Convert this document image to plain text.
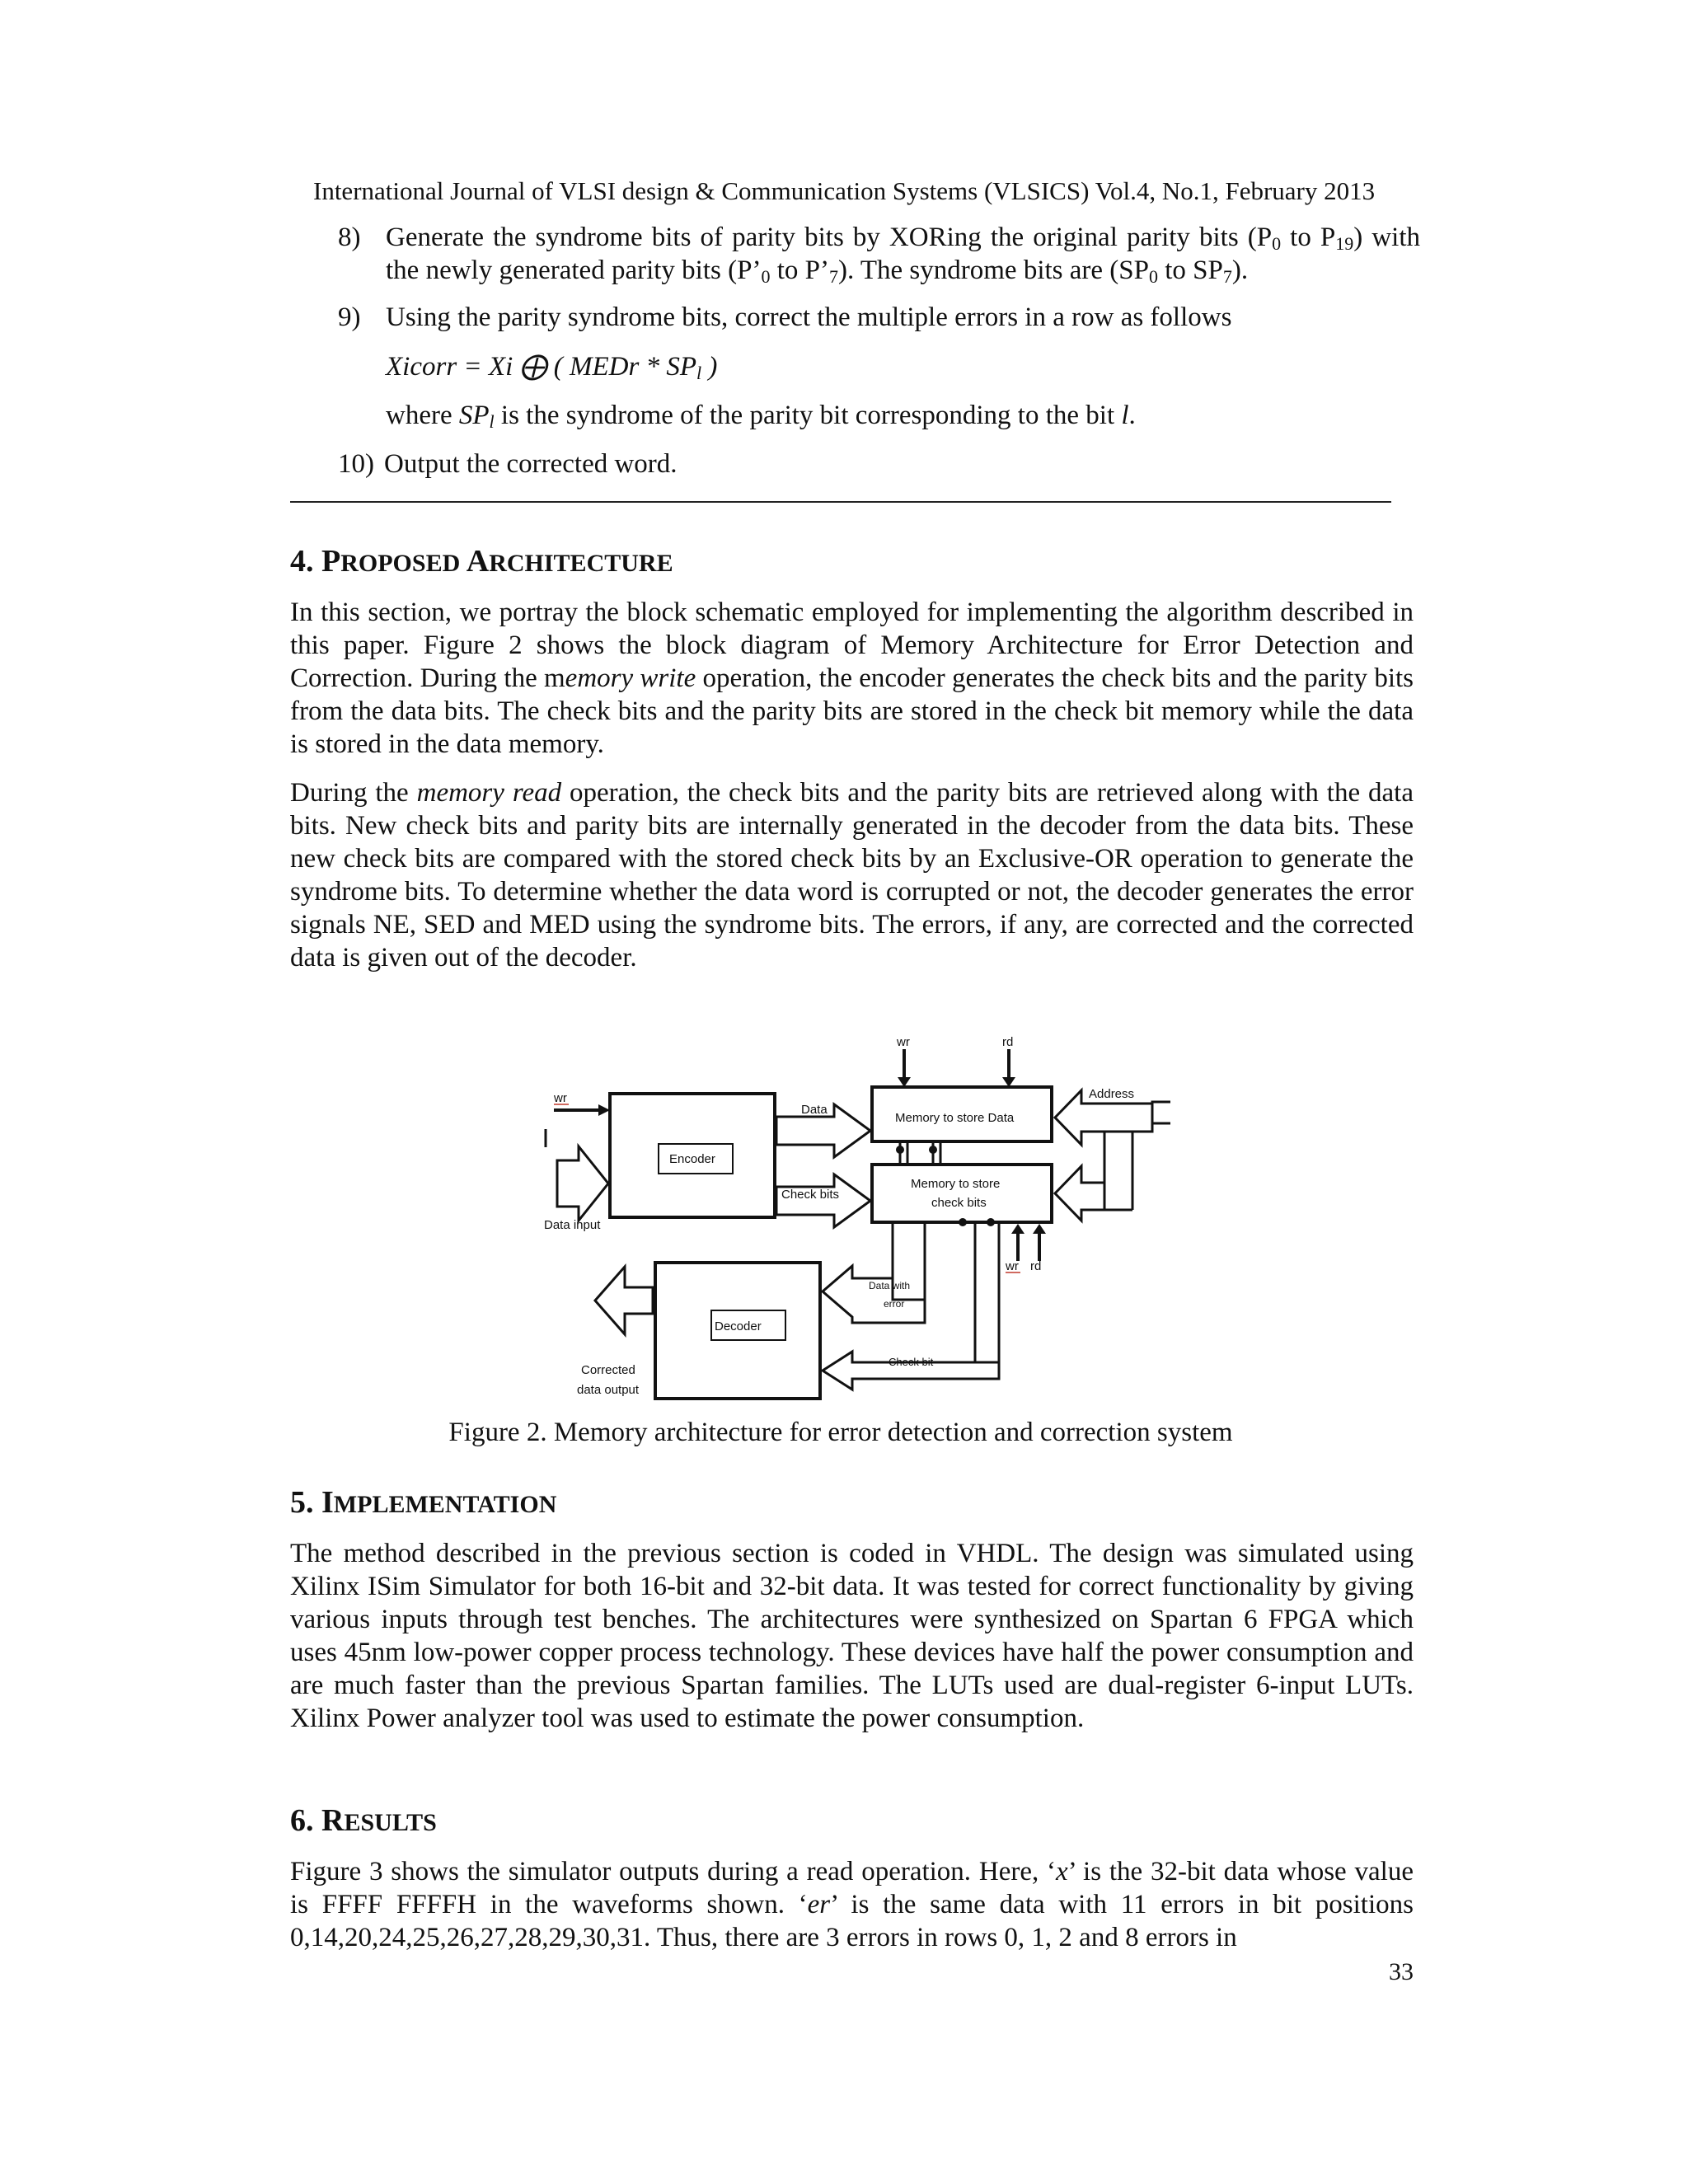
International Journal of VLSI design & Communication Systems (VLSICS) Vol.4, No.1, February 2013
8) Generate the syndrome bits of parity bits by XORing the original parity bits ($P_0$ to $P_{19}$) with the newly generated parity bits ($P’_0$ to $P’_7$). The syndrome bits are ($SP_0$ to $SP_7$).
9) Using the parity syndrome bits, correct the multiple errors in a row as follows
Xicorr = Xi ⨁ ( MEDr * $SP_l$ )
where $SP_l$ is the syndrome of the parity bit corresponding to the bit l.
10) Output the corrected word.
4. PROPOSED ARCHITECTURE
In this section, we portray the block schematic employed for implementing the algorithm described in this paper. Figure 2 shows the block diagram of Memory Architecture for Error Detection and Correction. During the memory write operation, the encoder generates the check bits and the parity bits from the data bits. The check bits and the parity bits are stored in the check bit memory while the data is stored in the data memory.
During the memory read operation, the check bits and the parity bits are retrieved along with the data bits. New check bits and parity bits are internally generated in the decoder from the data bits. These new check bits are compared with the stored check bits by an Exclusive-OR operation to generate the syndrome bits. To determine whether the data word is corrupted or not, the decoder generates the error signals NE, SED and MED using the syndrome bits. The errors, if any, are corrected and the corrected data is given out of the decoder.
wr	rd
wr	Address
Data
Memory to store Data
Encoder
Memory to store
check bits
Check bits
Data input
wr rd
Data with
error
Decoder
Corrected
data output
Check bit
Figure 2. Memory architecture for error detection and correction system
5. IMPLEMENTATION
The method described in the previous section is coded in VHDL. The design was simulated using Xilinx ISim Simulator for both 16-bit and 32-bit data. It was tested for correct functionality by giving various inputs through test benches. The architectures were synthesized on Spartan 6 FPGA which uses 45nm low-power copper process technology. These devices have half the power consumption and are much faster than the previous Spartan families. The LUTs used are dual-register 6-input LUTs. Xilinx Power analyzer tool was used to estimate the power consumption.
6. RESULTS
Figure 3 shows the simulator outputs during a read operation. Here, ‘x’ is the 32-bit data whose value is FFFF FFFFH in the waveforms shown. ‘er’ is the same data with 11 errors in bit positions 0,14,20,24,25,26,27,28,29,30,31. Thus, there are 3 errors in rows 0, 1, 2 and 8 errors in
33
